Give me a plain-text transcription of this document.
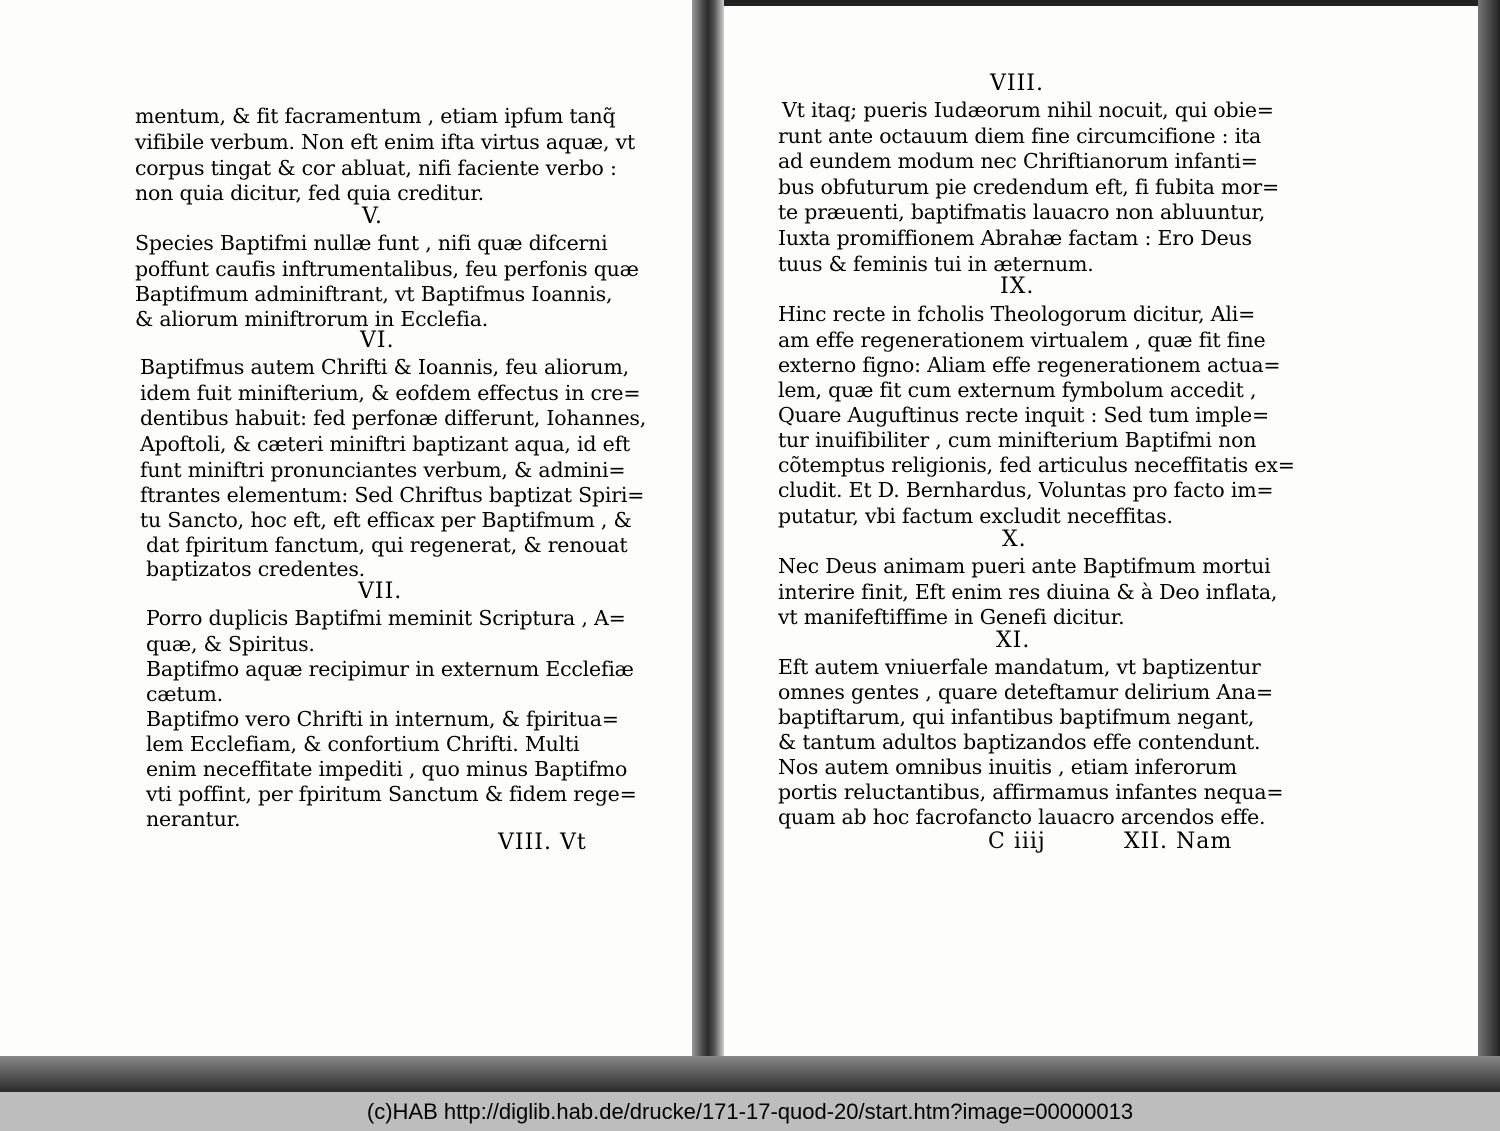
mentum, & fit facramentum , etiam ipfum tanq̃
vifibile verbum. Non eft enim ifta virtus aquæ, vt
corpus tingat & cor abluat, nifi faciente verbo :
non quia dicitur, fed quia creditur.
V.
Species Baptifmi nullæ funt , nifi quæ difcerni
poffunt caufis inftrumentalibus, feu perfonis quæ
Baptifmum adminiftrant, vt Baptifmus Ioannis,
& aliorum miniftrorum in Ecclefia.
VI.
Baptifmus autem Chrifti & Ioannis, feu aliorum,
idem fuit minifterium, & eofdem effectus in cre=
dentibus habuit: fed perfonæ differunt, Iohannes,
Apoftoli, & cæteri miniftri baptizant aqua, id eft
funt miniftri pronunciantes verbum, & admini=
ftrantes elementum: Sed Chriftus baptizat Spiri=
tu Sancto, hoc eft, eft efficax per Baptifmum , &
dat fpiritum fanctum, qui regenerat, & renouat
baptizatos credentes.
VII.
Porro duplicis Baptifmi meminit Scriptura , A=
quæ, & Spiritus.
Baptifmo aquæ recipimur in externum Ecclefiæ
cætum.
Baptifmo vero Chrifti in internum, & fpiritua=
lem Ecclefiam, & confortium Chrifti. Multi
enim neceffitate impediti , quo minus Baptifmo
vti poffint, per fpiritum Sanctum & fidem rege=
nerantur.
VIII. Vt
VIII.
Vt itaq; pueris Iudæorum nihil nocuit, qui obie=
runt ante octauum diem fine circumcifione : ita
ad eundem modum nec Chriftianorum infanti=
bus obfuturum pie credendum eft, fi fubita mor=
te præuenti, baptifmatis lauacro non abluuntur,
Iuxta promiffionem Abrahæ factam : Ero Deus
tuus & feminis tui in æternum.
IX.
Hinc recte in fcholis Theologorum dicitur, Ali=
am effe regenerationem virtualem , quæ fit fine
externo figno: Aliam effe regenerationem actua=
lem, quæ fit cum externum fymbolum accedit ,
Quare Auguftinus recte inquit : Sed tum imple=
tur inuifibiliter , cum minifterium Baptifmi non
cõtemptus religionis, fed articulus neceffitatis ex=
cludit. Et D. Bernhardus, Voluntas pro facto im=
putatur, vbi factum excludit neceffitas.
X.
Nec Deus animam pueri ante Baptifmum mortui
interire finit, Eft enim res diuina & à Deo inflata,
vt manifeftiffime in Genefi dicitur.
XI.
Eft autem vniuerfale mandatum, vt baptizentur
omnes gentes , quare deteftamur delirium Ana=
baptiftarum, qui infantibus baptifmum negant,
& tantum adultos baptizandos effe contendunt.
Nos autem omnibus inuitis , etiam inferorum
portis reluctantibus, affirmamus infantes nequa=
quam ab hoc facrofancto lauacro arcendos effe.
C iiij	XII. Nam
(c)HAB http://diglib.hab.de/drucke/171-17-quod-20/start.htm?image=00000013
